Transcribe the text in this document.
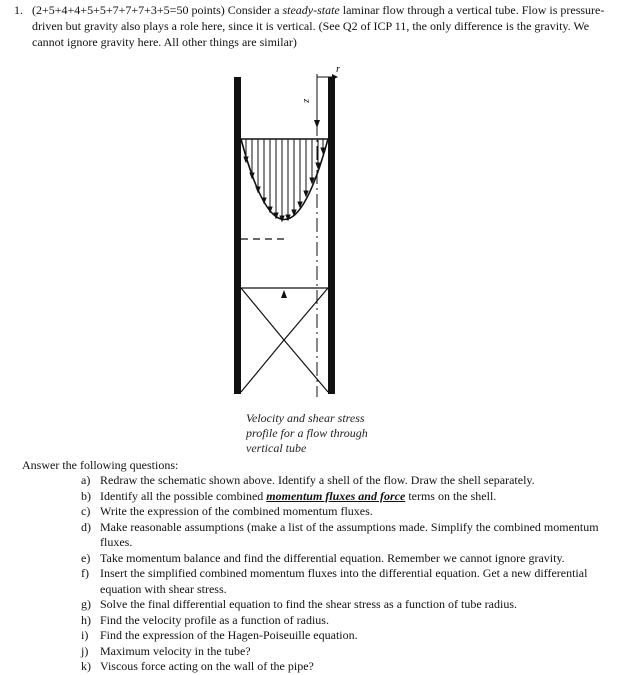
1. (2+5+4+4+5+5+7+7+7+3+5=50 points) Consider a steady-state laminar flow through a vertical tube. Flow is pressure-driven but gravity also plays a role here, since it is vertical. (See Q2 of ICP 11, the only difference is the gravity. We cannot ignore gravity here. All other things are similar)
r
z
Velocity and shear stress
profile for a flow through
vertical tube
Answer the following questions:
a) Redraw the schematic shown above. Identify a shell of the flow. Draw the shell separately.
b) Identify all the possible combined momentum fluxes and force terms on the shell.
c) Write the expression of the combined momentum fluxes.
d) Make reasonable assumptions (make a list of the assumptions made. Simplify the combined momentum fluxes.
e) Take momentum balance and find the differential equation. Remember we cannot ignore gravity.
f) Insert the simplified combined momentum fluxes into the differential equation. Get a new differential equation with shear stress.
g) Solve the final differential equation to find the shear stress as a function of tube radius.
h) Find the velocity profile as a function of radius.
i) Find the expression of the Hagen-Poiseuille equation.
j) Maximum velocity in the tube?
k) Viscous force acting on the wall of the pipe?
